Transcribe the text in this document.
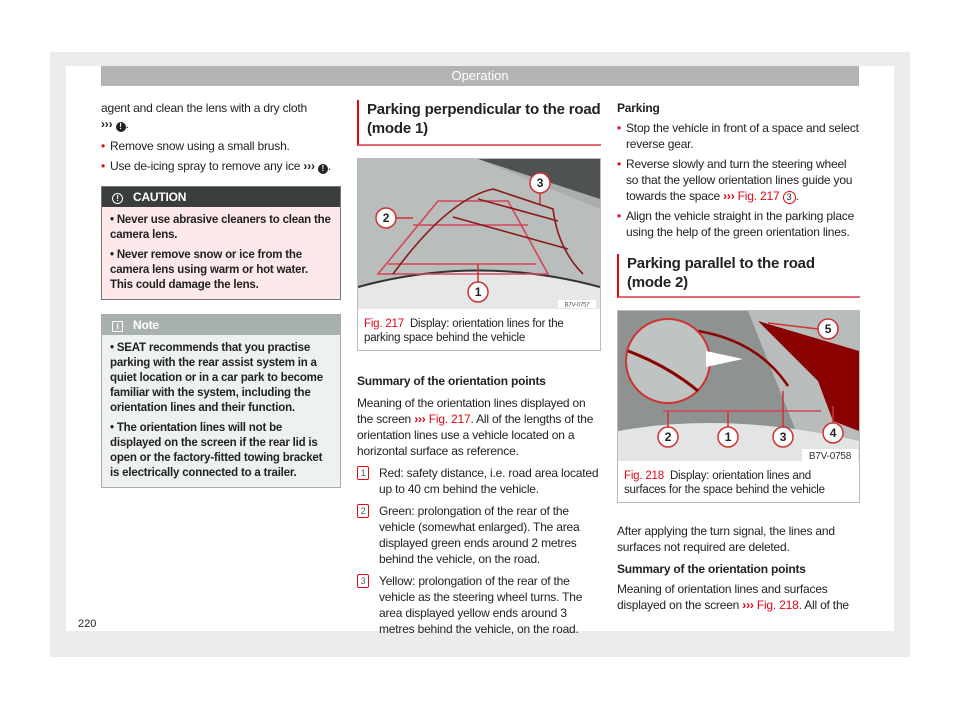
Operation

agent and clean the lens with a dry cloth
››› ! .

• Remove snow using a small brush.
• Use de-icing spray to remove any ice ››› ! .
! CAUTION

• Never use abrasive cleaners to clean the camera lens.

• Never remove snow or ice from the camera lens using warm or hot water. This could damage the lens.

i Note

• SEAT recommends that you practise parking with the rear assist system in a quiet location or in a car park to become familiar with the system, including the orientation lines and their function.

• The orientation lines will not be displayed on the screen if the rear lid is open or the factory-fitted towing bracket is electrically connected to a trailer.

Parking perpendicular to the road (mode 1)
2
1
3
B7V-0757
Fig. 217 Display: orientation lines for the parking space behind the vehicle
Summary of the orientation points

Meaning of the orientation lines displayed on the screen ››› Fig. 217. All of the lengths of the orientation lines use a vehicle located on a horizontal surface as reference.

1 Red: safety distance, i.e. road area located up to 40 cm behind the vehicle.
2 Green: prolongation of the rear of the vehicle (somewhat enlarged). The area displayed green ends around 2 metres behind the vehicle, on the road.
3 Yellow: prolongation of the rear of the vehicle as the steering wheel turns. The area displayed yellow ends around 3 metres behind the vehicle, on the road.
Parking
• Stop the vehicle in front of a space and select reverse gear.
• Reverse slowly and turn the steering wheel so that the yellow orientation lines guide you towards the space ››› Fig. 217 3 .
• Align the vehicle straight in the parking place using the help of the green orientation lines.
Parking parallel to the road (mode 2)
2	1	3	4
5
B7V-0758
Fig. 218 Display: orientation lines and surfaces for the space behind the vehicle

After applying the turn signal, the lines and surfaces not required are deleted.

Summary of the orientation points

Meaning of orientation lines and surfaces displayed on the screen ››› Fig. 218. All of the

220
